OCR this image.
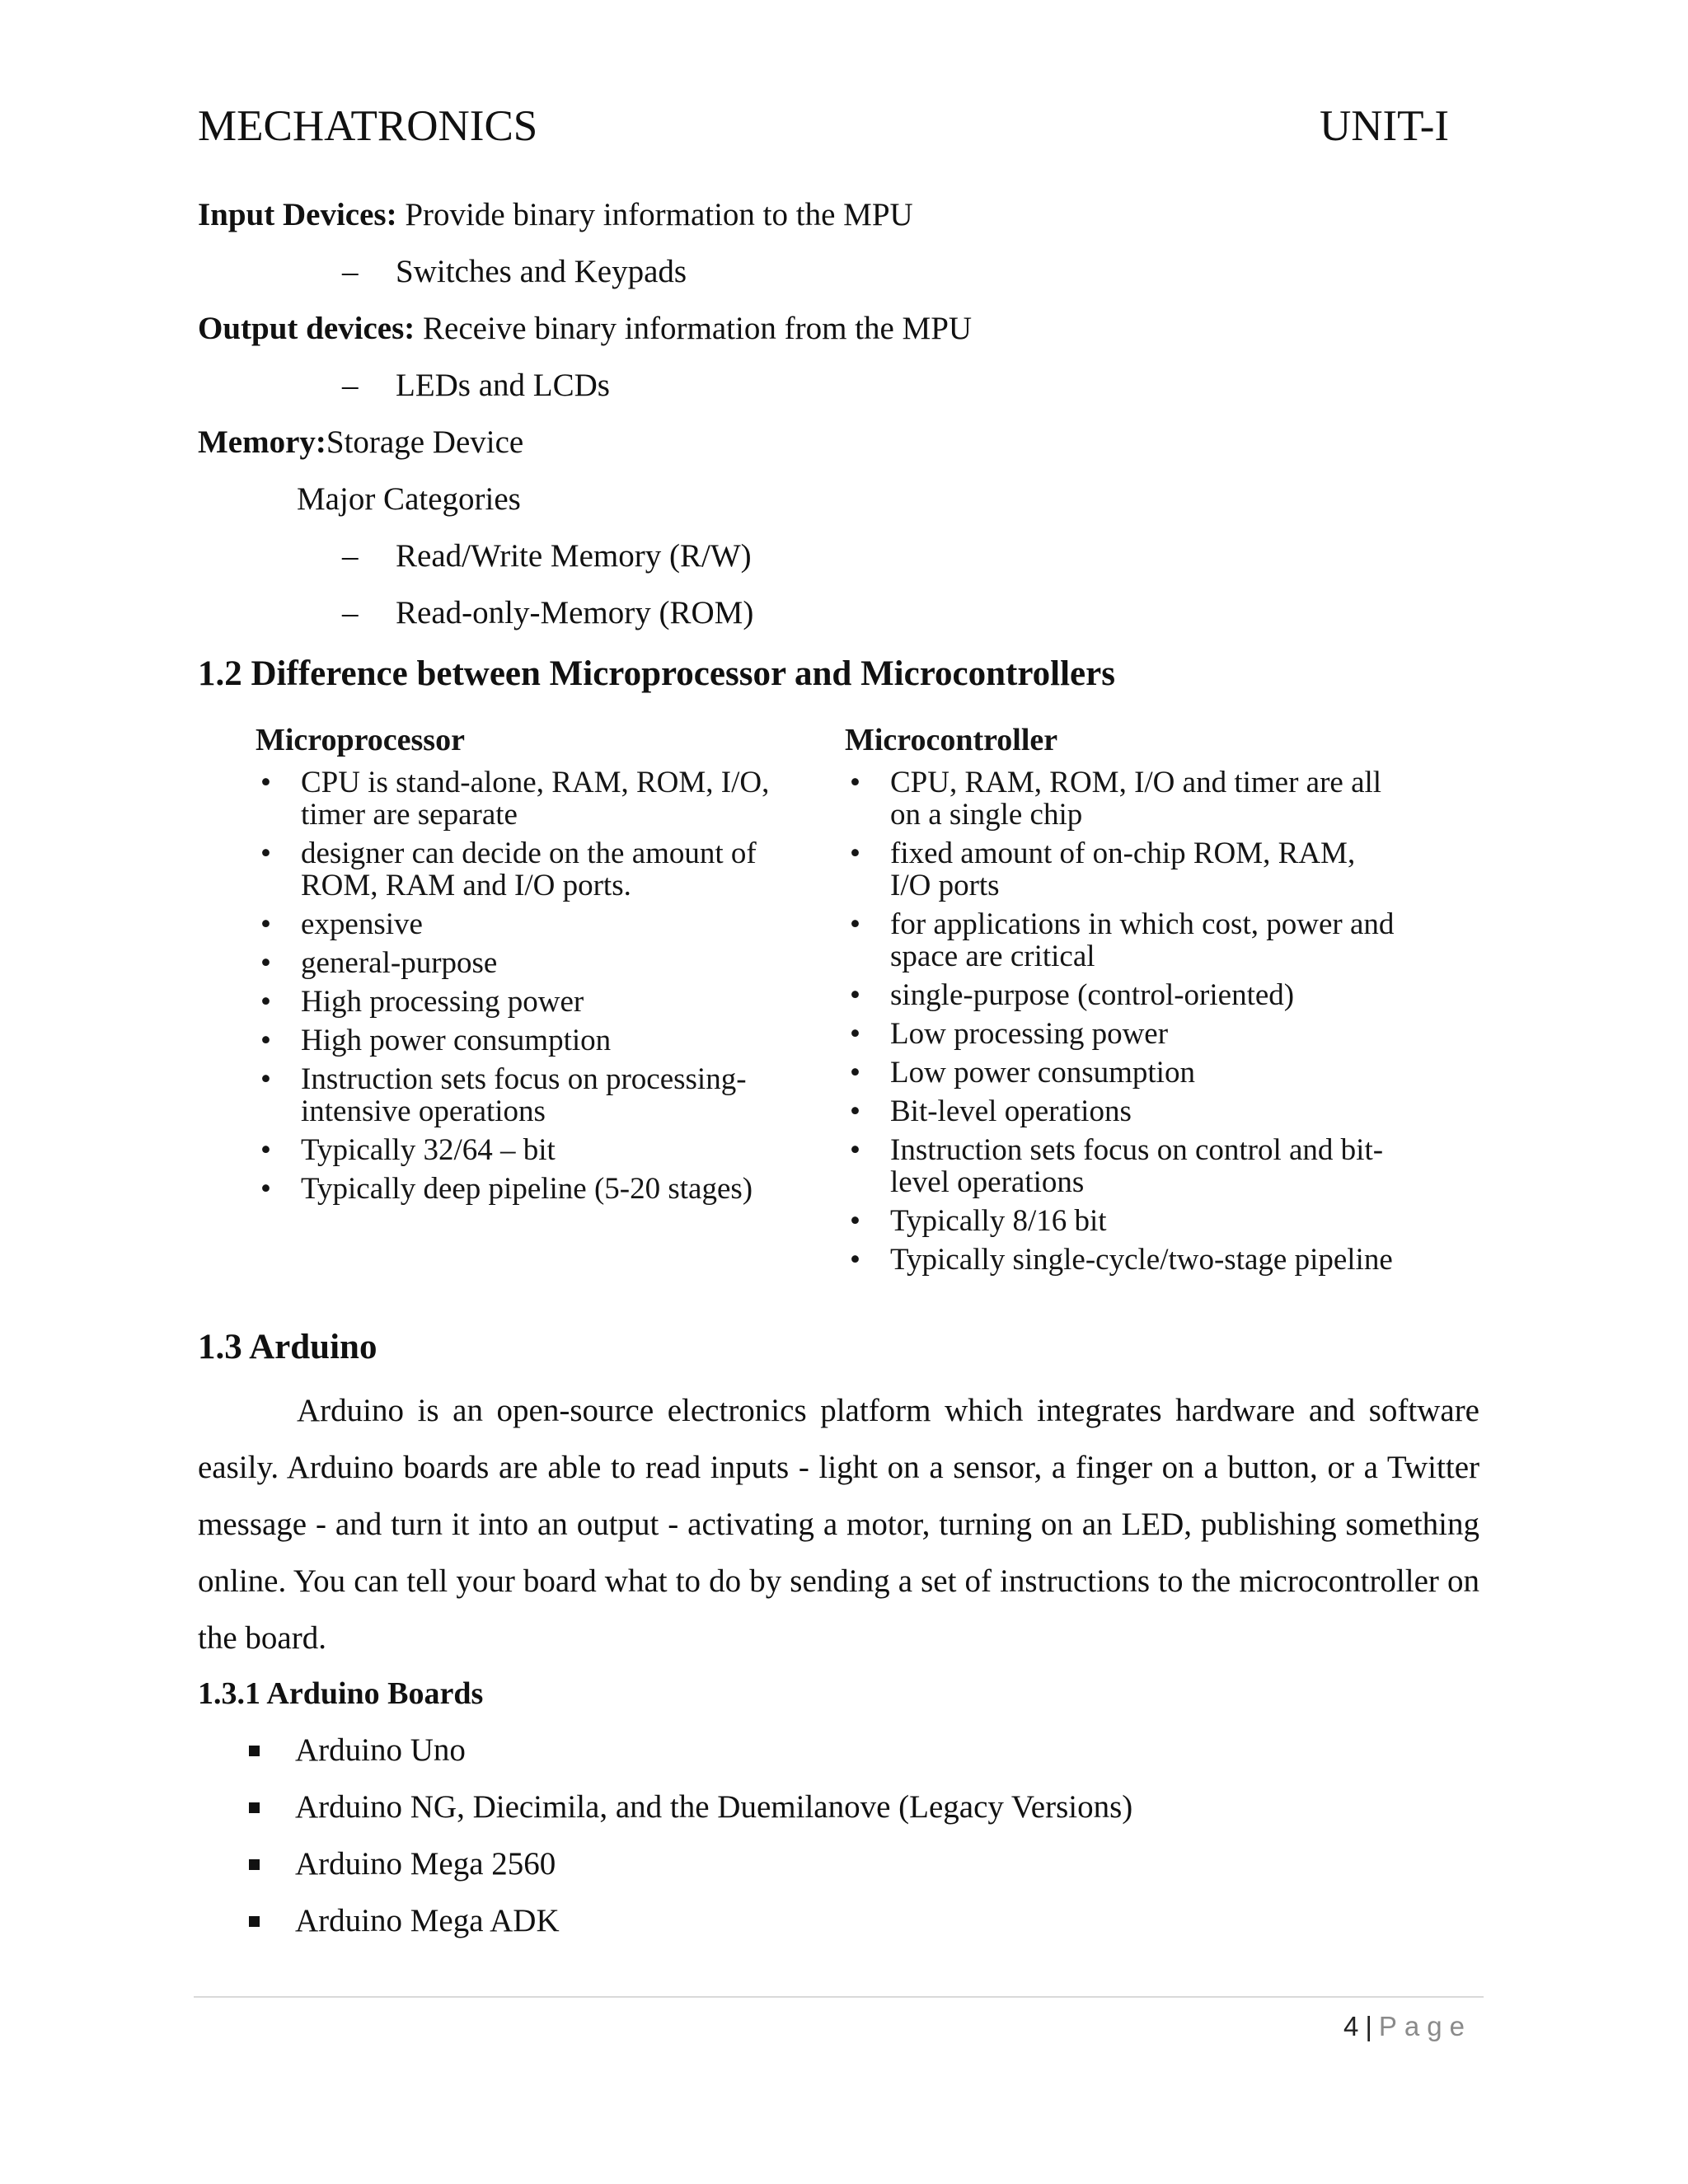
MECHATRONICS	UNIT-I
Input Devices: Provide binary information to the MPU
– Switches and Keypads
Output devices: Receive binary information from the MPU
– LEDs and LCDs
Memory:Storage Device
Major Categories
– Read/Write Memory (R/W)
– Read-only-Memory (ROM)
1.2 Difference between Microprocessor and Microcontrollers
Microprocessor
• CPU is stand-alone, RAM, ROM, I/O, timer are separate
• designer can decide on the amount of ROM, RAM and I/O ports.
• expensive
• general-purpose
• High processing power
• High power consumption
• Instruction sets focus on processing-intensive operations
• Typically 32/64 – bit
• Typically deep pipeline (5-20 stages)
Microcontroller
• CPU, RAM, ROM, I/O and timer are all on a single chip
• fixed amount of on-chip ROM, RAM, I/O ports
• for applications in which cost, power and space are critical
• single-purpose (control-oriented)
• Low processing power
• Low power consumption
• Bit-level operations
• Instruction sets focus on control and bit-level operations
• Typically 8/16 bit
• Typically single-cycle/two-stage pipeline
1.3 Arduino

Arduino is an open-source electronics platform which integrates hardware and software easily. Arduino boards are able to read inputs - light on a sensor, a finger on a button, or a Twitter message - and turn it into an output - activating a motor, turning on an LED, publishing something online. You can tell your board what to do by sending a set of instructions to the microcontroller on the board.

1.3.1 Arduino Boards
Arduino Uno
Arduino NG, Diecimila, and the Duemilanove (Legacy Versions)
Arduino Mega 2560
Arduino Mega ADK
4 | Page
